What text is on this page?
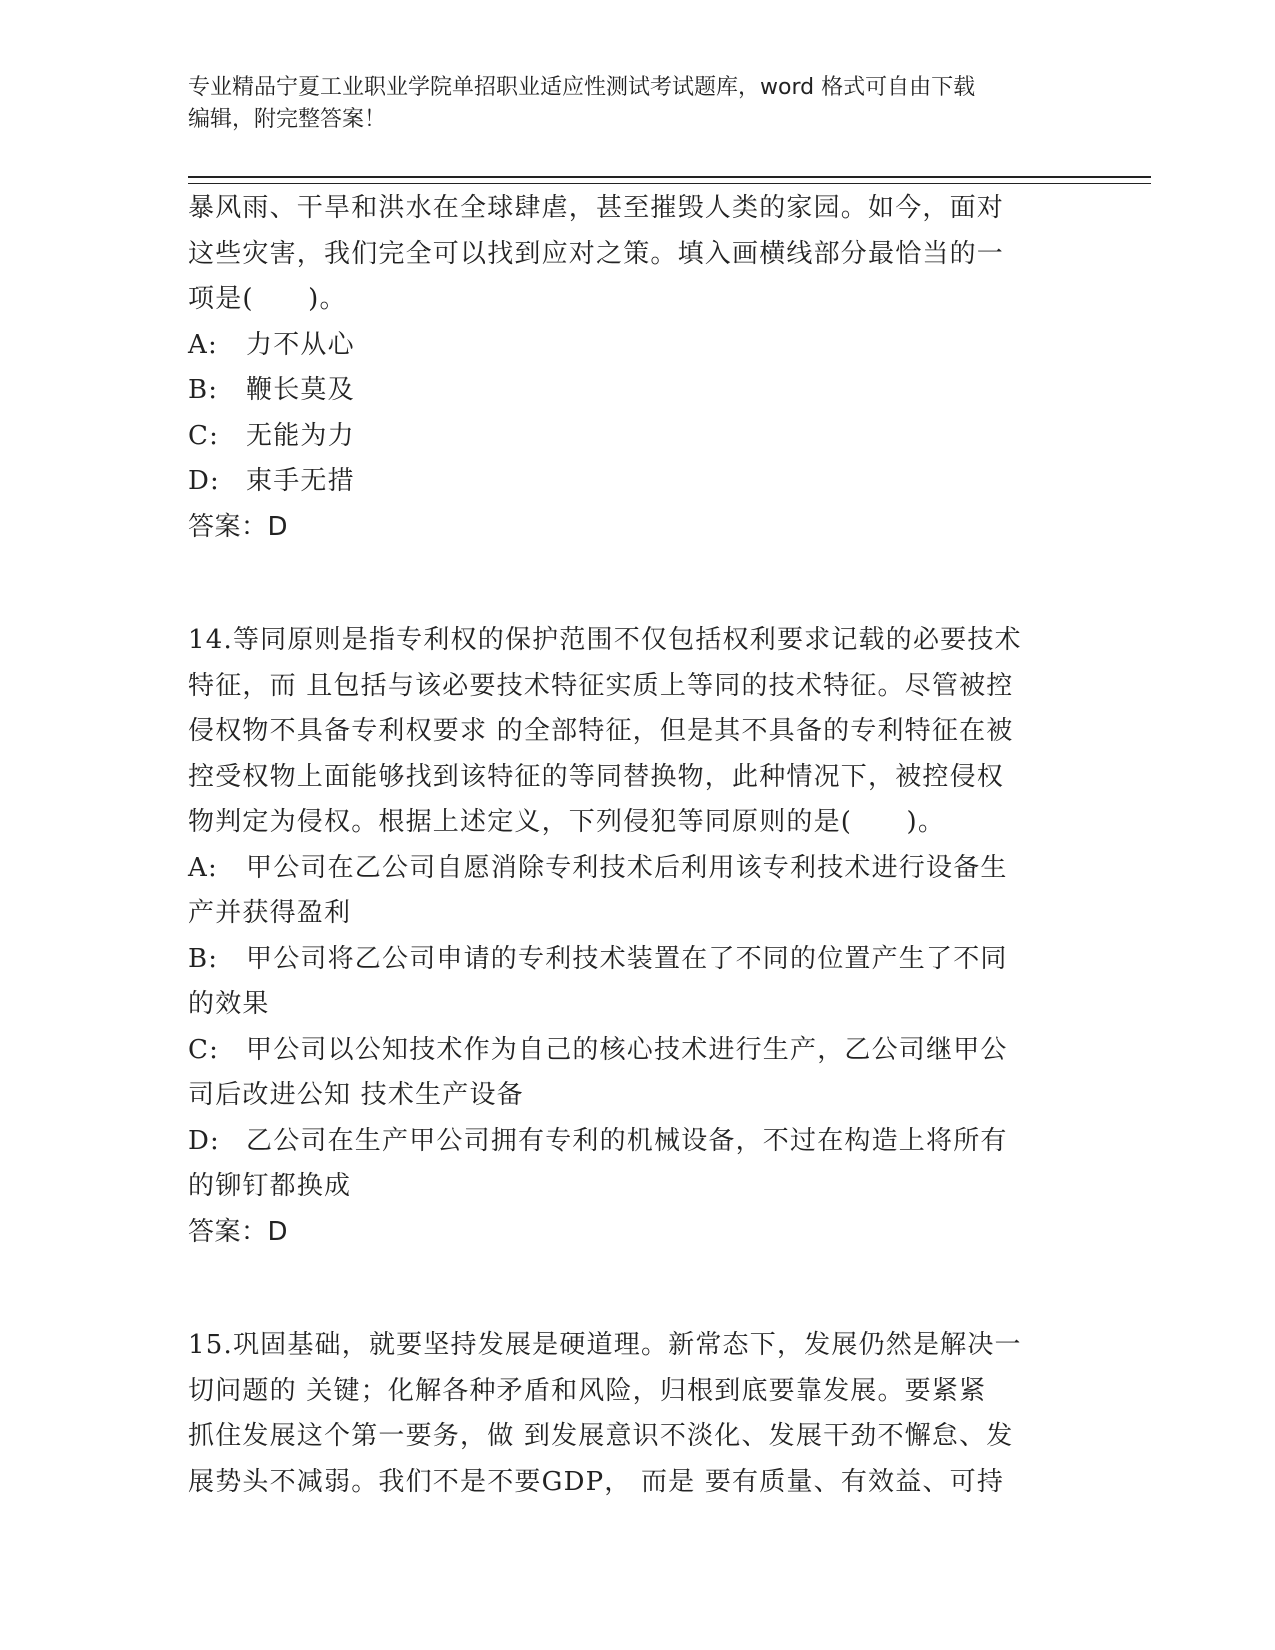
专业精品宁夏工业职业学院单招职业适应性测试考试题库，word 格式可自由下载
编辑，附完整答案！

暴风雨、干旱和洪水在全球肆虐，甚至摧毁人类的家园。如今，面对

这些灾害，我们完全可以找到应对之策。填入画横线部分最恰当的一

项是(　　)。

A:	力不从心
B:	鞭长莫及
C:	无能为力
D: 束手无措

答案：D

14.等同原则是指专利权的保护范围不仅包括权利要求记载的必要技术

特征，而 且包括与该必要技术特征实质上等同的技术特征。尽管被控

侵权物不具备专利权要求 的全部特征，但是其不具备的专利特征在被

控受权物上面能够找到该特征的等同替换物，此种情况下，被控侵权

物判定为侵权。根据上述定义，下列侵犯等同原则的是(　　)。

A:	甲公司在乙公司自愿消除专利技术后利用该专利技术进行设备生

产并获得盈利

B:	甲公司将乙公司申请的专利技术装置在了不同的位置产生了不同

的效果

C:	甲公司以公知技术作为自己的核心技术进行生产，乙公司继甲公

司后改进公知 技术生产设备

D: 乙公司在生产甲公司拥有专利的机械设备，不过在构造上将所有

的铆钉都换成

答案：D

15.巩固基础，就要坚持发展是硬道理。新常态下，发展仍然是解决一

切问题的 关键；化解各种矛盾和风险，归根到底要靠发展。要紧紧

抓住发展这个第一要务，做 到发展意识不淡化、发展干劲不懈怠、发

展势头不减弱。我们不是不要GDP， 而是 要有质量、有效益、可持
